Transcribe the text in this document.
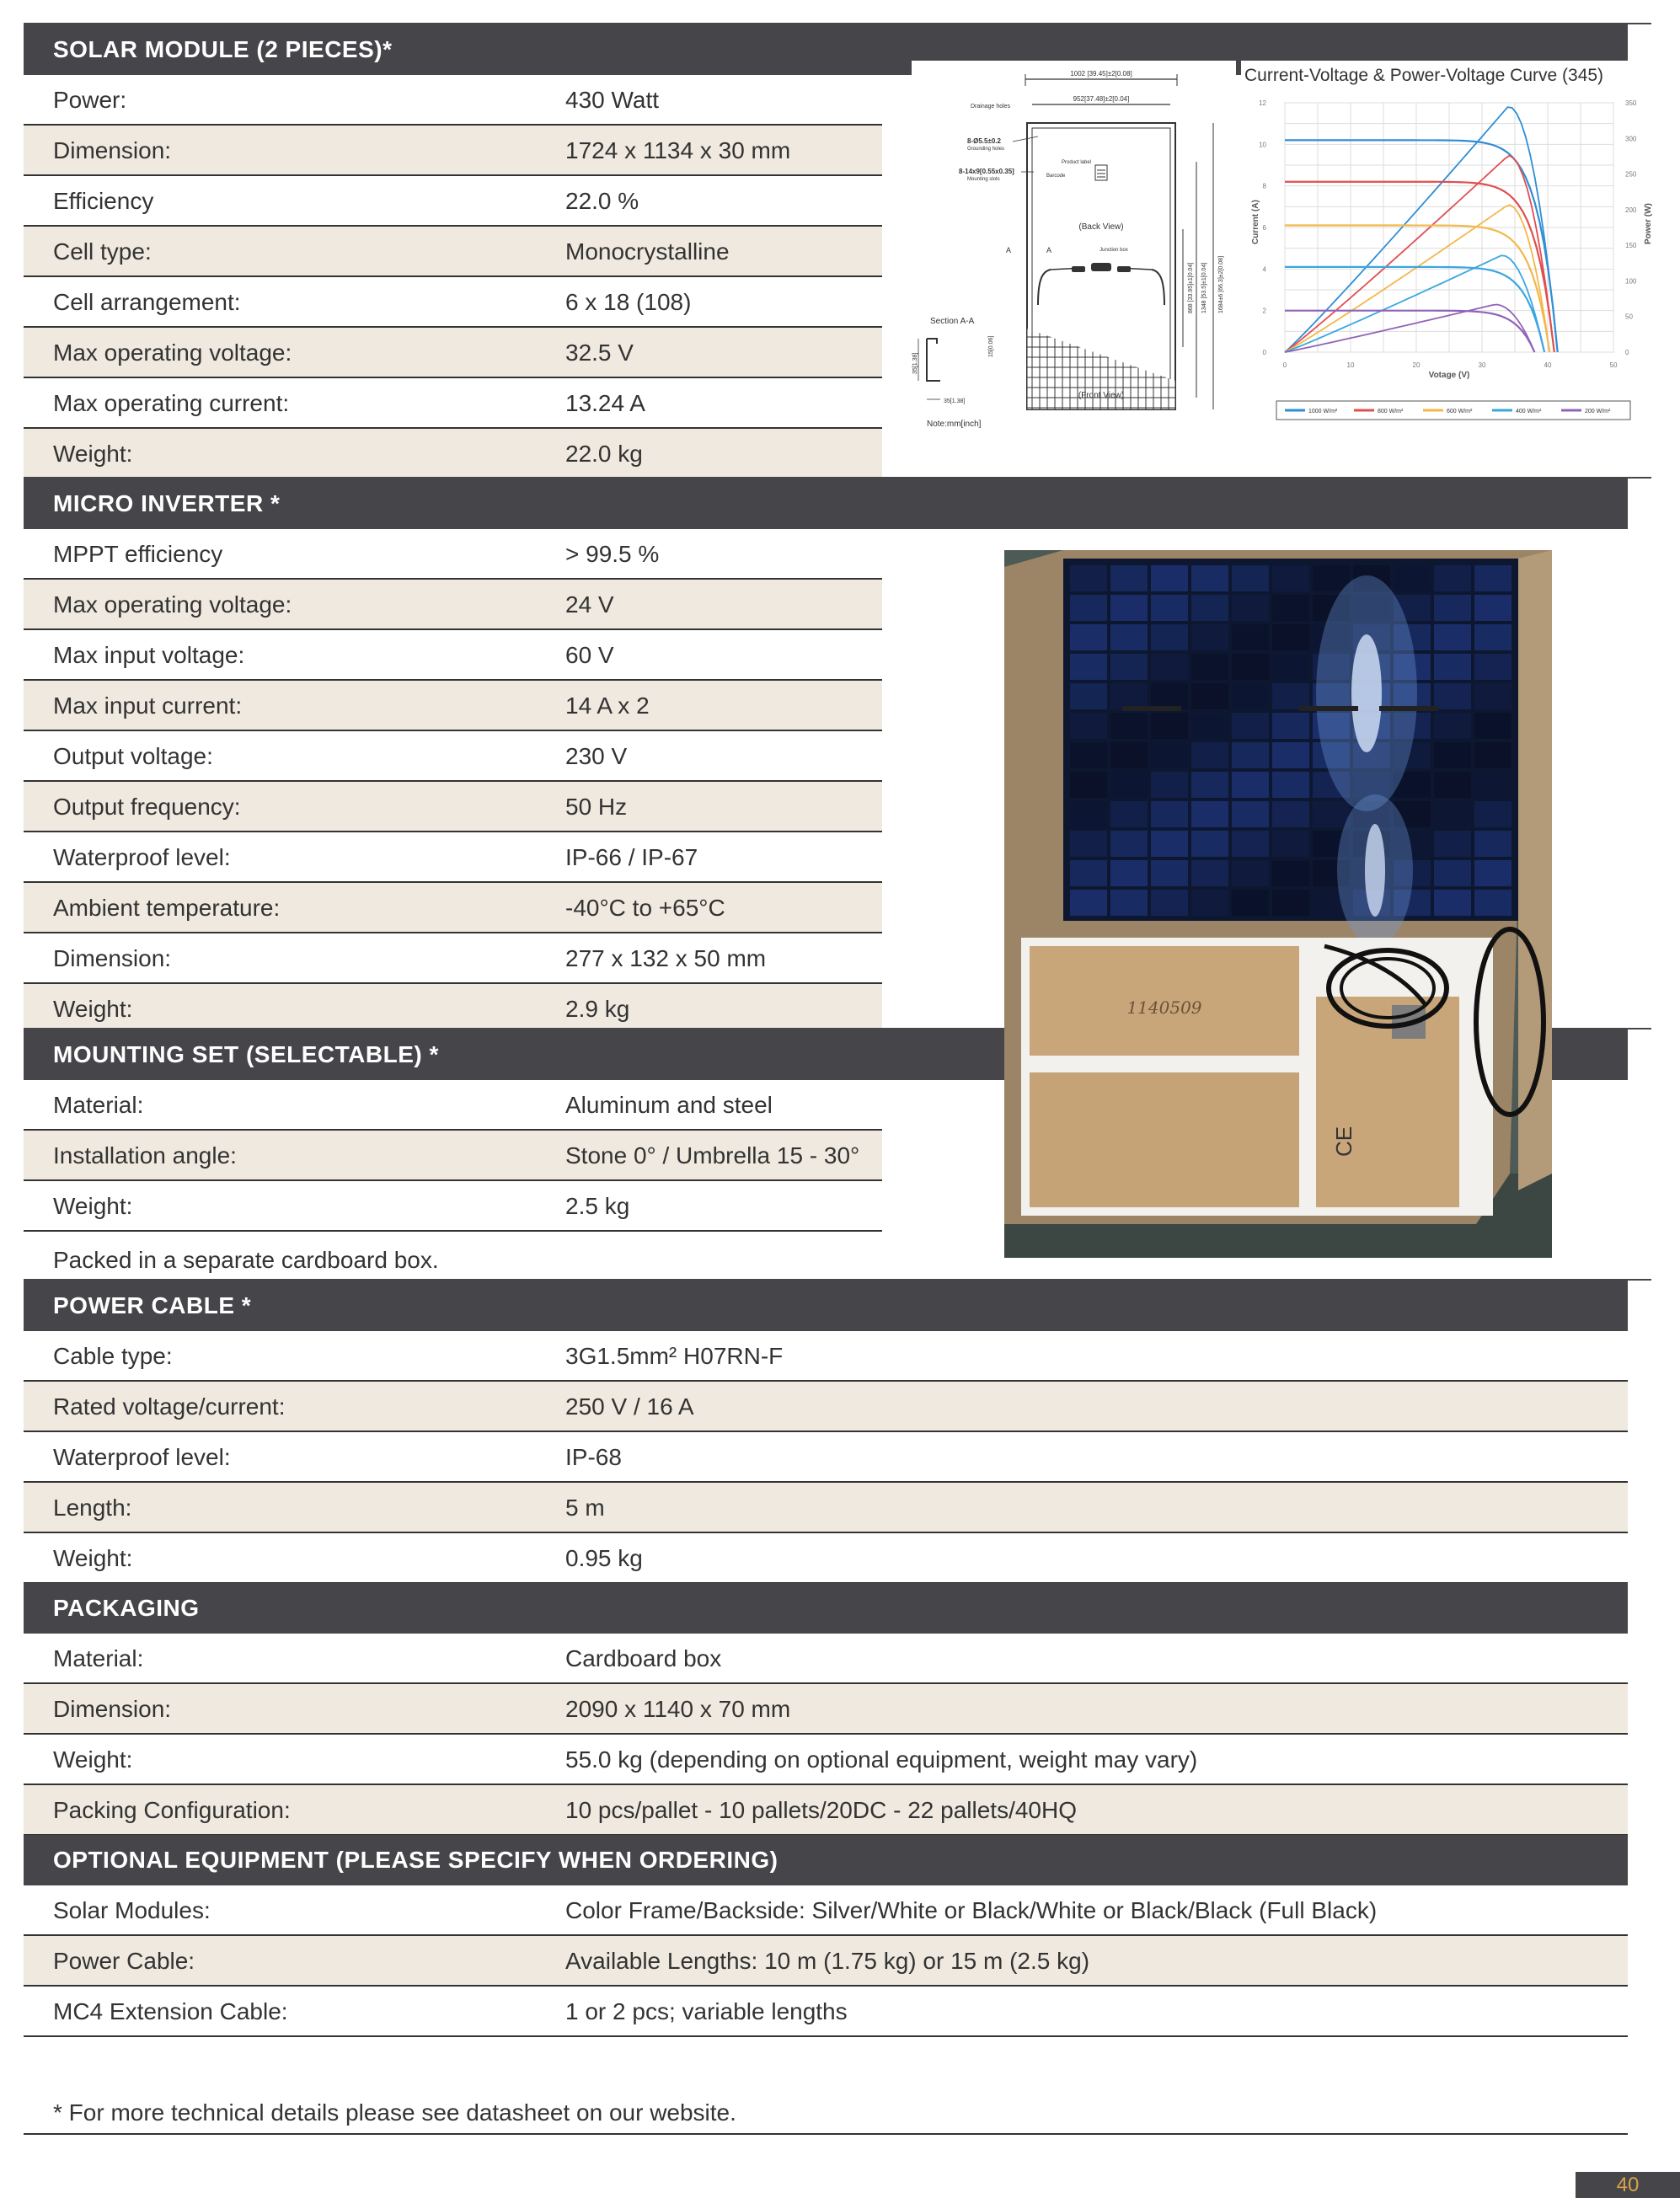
SOLAR MODULE (2 PIECES)*
Power:	430 Watt
Dimension:	1724 x 1134 x 30 mm
Efficiency	22.0 %
Cell type:	Monocrystalline
Cell arrangement:	6 x 18 (108)
Max operating voltage:	32.5 V
Max operating current:	13.24 A
Weight:	22.0 kg
1002 [39.45]±2[0.08]
952[37.48]±2[0.04]
Drainage holes
8-Ø5.5±0.2
Grounding holes
8-14x9[0.55x0.35]
Mounting slots
Barcode
Product label
(Back View)
Junction box
A	A
868 [33.95]±1[0.04] 1348 [53.5]±1[0.04] 1684±6 [66.3]±2[0.08]
(Front View)
Section A-A
35[1.38]
15[0.06]
35[1.38]
Note:mm[inch]
Current-Voltage & Power-Voltage Curve (345)
0	10	20	30	40	50
0
2
4
6
8
10
12
0
50
100
150
200
250
300
350
Votage (V)
Current (A)	Power (W)
1000 W/m²	800 W/m²	600 W/m²	400 W/m²	200 W/m²
MICRO INVERTER *
MPPT efficiency	> 99.5 %
Max operating voltage:	24 V
Max input voltage:	60 V
Max input current:	14 A x 2
Output voltage:	230 V
Output frequency:	50 Hz
Waterproof level:	IP-66 / IP-67
Ambient temperature:	-40°C to +65°C
Dimension:	277 x 132 x 50 mm
Weight:	2.9 kg
MOUNTING SET (SELECTABLE) *
Material:	Aluminum and steel
Installation angle:	Stone 0° / Umbrella 15 - 30°
Weight:	2.5 kg
Packed in a separate cardboard box.
1140509
CE
POWER CABLE *
Cable type:	3G1.5mm² H07RN-F
Rated voltage/current:	250 V / 16 A
Waterproof level:	IP-68
Length:	5 m
Weight:	0.95 kg
PACKAGING
Material:	Cardboard box
Dimension:	2090 x 1140 x 70 mm
Weight:	55.0 kg (depending on optional equipment, weight may vary)
Packing Configuration:	10 pcs/pallet - 10 pallets/20DC - 22 pallets/40HQ
OPTIONAL EQUIPMENT (PLEASE SPECIFY WHEN ORDERING)
Solar Modules:	Color Frame/Backside: Silver/White or Black/White or Black/Black (Full Black)
Power Cable:	Available Lengths: 10 m (1.75 kg) or 15 m (2.5 kg)
MC4 Extension Cable:	1 or 2 pcs; variable lengths
* For more technical details please see datasheet on our website.
40
